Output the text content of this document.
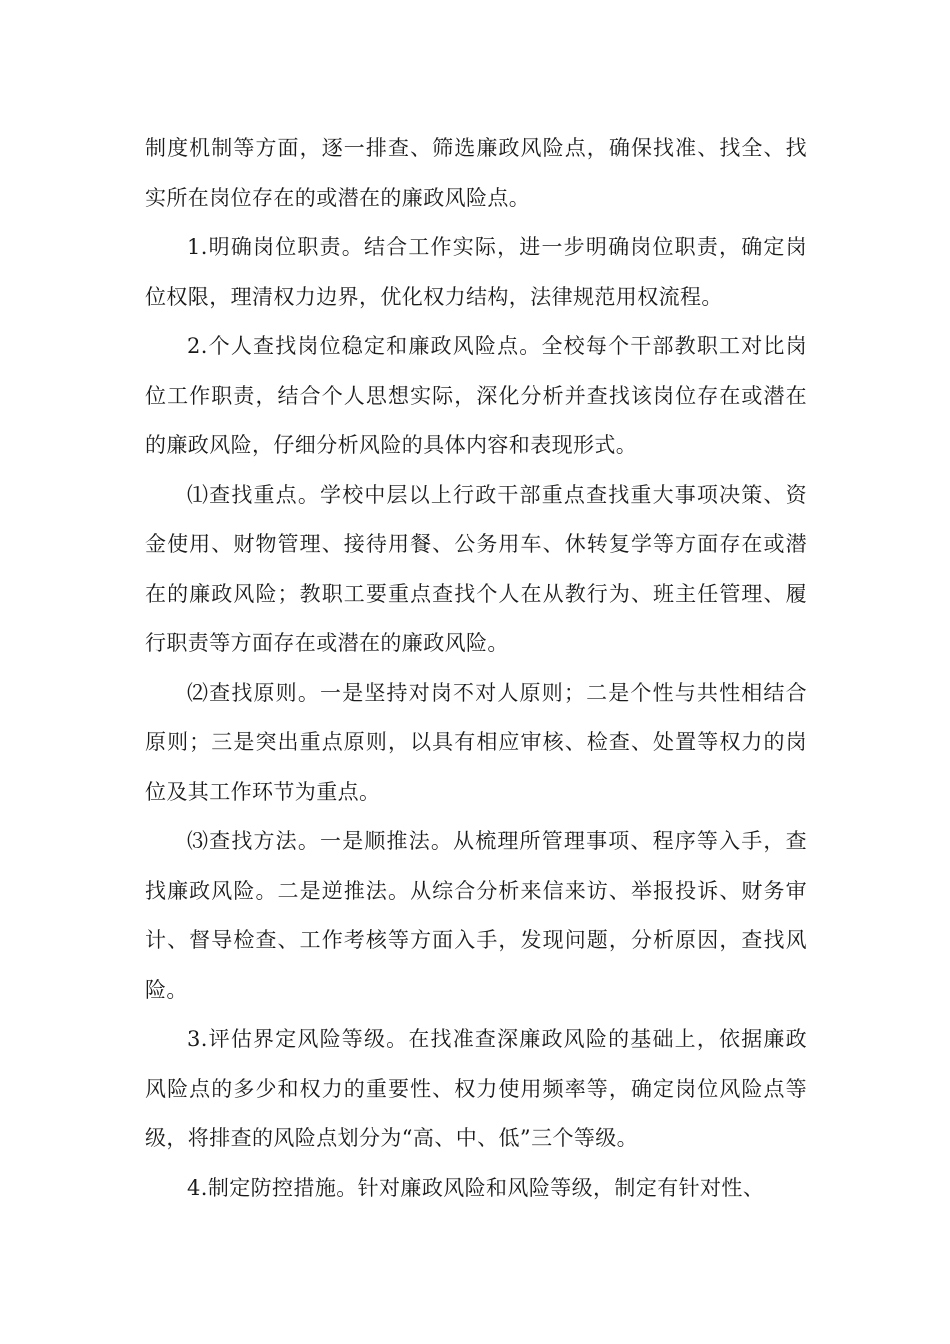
制度机制等方面，逐一排查、筛选廉政风险点，确保找准、找全、找实所在岗位存在的或潜在的廉政风险点。

1.明确岗位职责。结合工作实际，进一步明确岗位职责，确定岗位权限，理清权力边界，优化权力结构，法律规范用权流程。

2.个人查找岗位稳定和廉政风险点。全校每个干部教职工对比岗位工作职责，结合个人思想实际，深化分析并查找该岗位存在或潜在的廉政风险，仔细分析风险的具体内容和表现形式。

⑴查找重点。学校中层以上行政干部重点查找重大事项决策、资金使用、财物管理、接待用餐、公务用车、休转复学等方面存在或潜在的廉政风险；教职工要重点查找个人在从教行为、班主任管理、履行职责等方面存在或潜在的廉政风险。

⑵查找原则。一是坚持对岗不对人原则；二是个性与共性相结合原则；三是突出重点原则，以具有相应审核、检查、处置等权力的岗位及其工作环节为重点。

⑶查找方法。一是顺推法。从梳理所管理事项、程序等入手，查找廉政风险。二是逆推法。从综合分析来信来访、举报投诉、财务审计、督导检查、工作考核等方面入手，发现问题，分析原因，查找风险。

3.评估界定风险等级。在找准查深廉政风险的基础上，依据廉政风险点的多少和权力的重要性、权力使用频率等，确定岗位风险点等级，将排查的风险点划分为“高、中、低”三个等级。

4.制定防控措施。针对廉政风险和风险等级，制定有针对性、
